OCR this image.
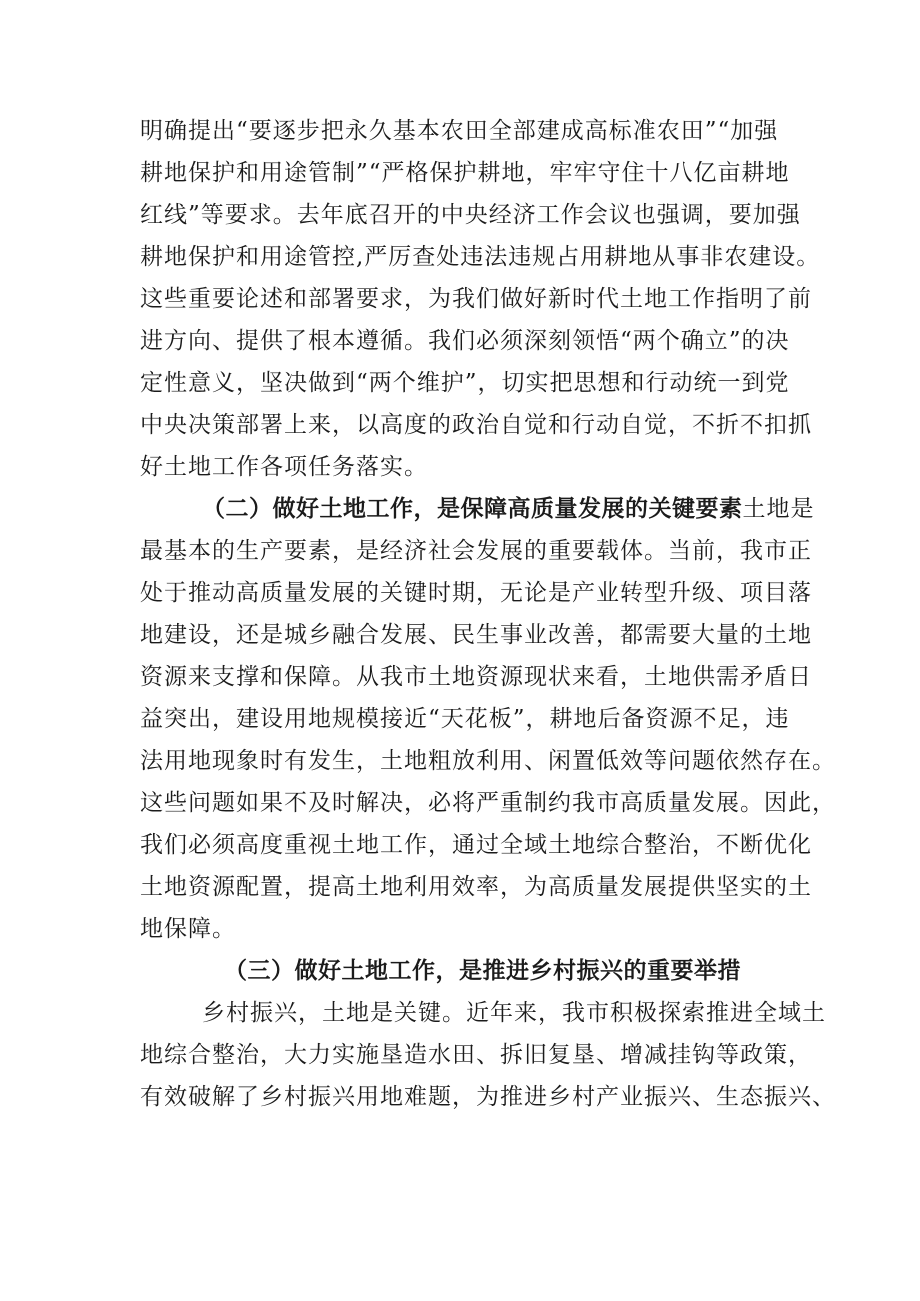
明确提出“要逐步把永久基本农田全部建成高标准农田”“加强
耕地保护和用途管制”“严格保护耕地，牢牢守住十八亿亩耕地
红线”等要求。去年底召开的中央经济工作会议也强调，要加强
耕地保护和用途管控,严厉查处违法违规占用耕地从事非农建设。
这些重要论述和部署要求，为我们做好新时代土地工作指明了前
进方向、提供了根本遵循。我们必须深刻领悟“两个确立”的决
定性意义，坚决做到“两个维护”，切实把思想和行动统一到党
中央决策部署上来，以高度的政治自觉和行动自觉，不折不扣抓
好土地工作各项任务落实。
（二）做好土地工作，是保障高质量发展的关键要素土地是
最基本的生产要素，是经济社会发展的重要载体。当前，我市正
处于推动高质量发展的关键时期，无论是产业转型升级、项目落
地建设，还是城乡融合发展、民生事业改善，都需要大量的土地
资源来支撑和保障。从我市土地资源现状来看，土地供需矛盾日
益突出，建设用地规模接近“天花板”，耕地后备资源不足，违
法用地现象时有发生，土地粗放利用、闲置低效等问题依然存在。
这些问题如果不及时解决，必将严重制约我市高质量发展。因此，
我们必须高度重视土地工作，通过全域土地综合整治，不断优化
土地资源配置，提高土地利用效率，为高质量发展提供坚实的土
地保障。
（三）做好土地工作，是推进乡村振兴的重要举措
乡村振兴，土地是关键。近年来，我市积极探索推进全域土
地综合整治，大力实施垦造水田、拆旧复垦、增减挂钩等政策，
有效破解了乡村振兴用地难题，为推进乡村产业振兴、生态振兴、
